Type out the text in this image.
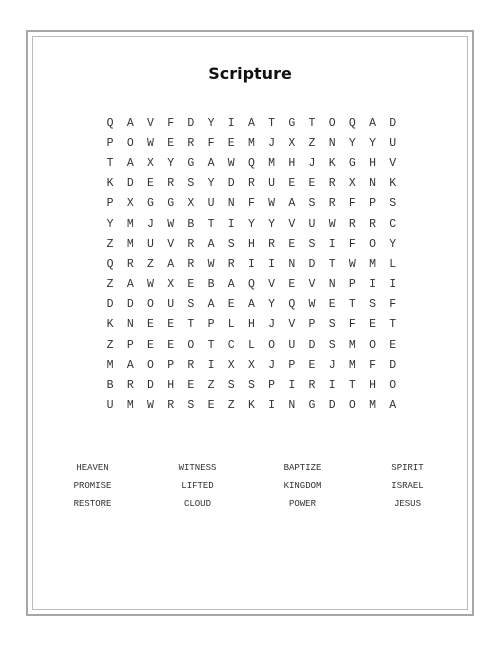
Scripture
Q	A	V	F	D	Y	I	A	T	G	T	O	Q	A	D
P	O	W	E	R	F	E	M	J	X	Z	N	Y	Y	U
T	A	X	Y	G	A	W	Q	M	H	J	K	G	H	V
K	D	E	R	S	Y	D	R	U	E	E	R	X	N	K
P	X	G	G	X	U	N	F	W	A	S	R	F	P	S
Y	M	J	W	B	T	I	Y	Y	V	U	W	R	R	C
Z	M	U	V	R	A	S	H	R	E	S	I	F	O	Y
Q	R	Z	A	R	W	R	I	I	N	D	T	W	M	L
Z	A	W	X	E	B	A	Q	V	E	V	N	P	I	I
D	D	O	U	S	A	E	A	Y	Q	W	E	T	S	F
K	N	E	E	T	P	L	H	J	V	P	S	F	E	T
Z	P	E	E	O	T	C	L	O	U	D	S	M	O	E
M	A	O	P	R	I	X	X	J	P	E	J	M	F	D
B	R	D	H	E	Z	S	S	P	I	R	I	T	H	O
U	M	W	R	S	E	Z	K	I	N	G	D	O	M	A
HEAVEN	WITNESS	BAPTIZE	SPIRIT
PROMISE	LIFTED	KINGDOM	ISRAEL
RESTORE	CLOUD	POWER	JESUS
